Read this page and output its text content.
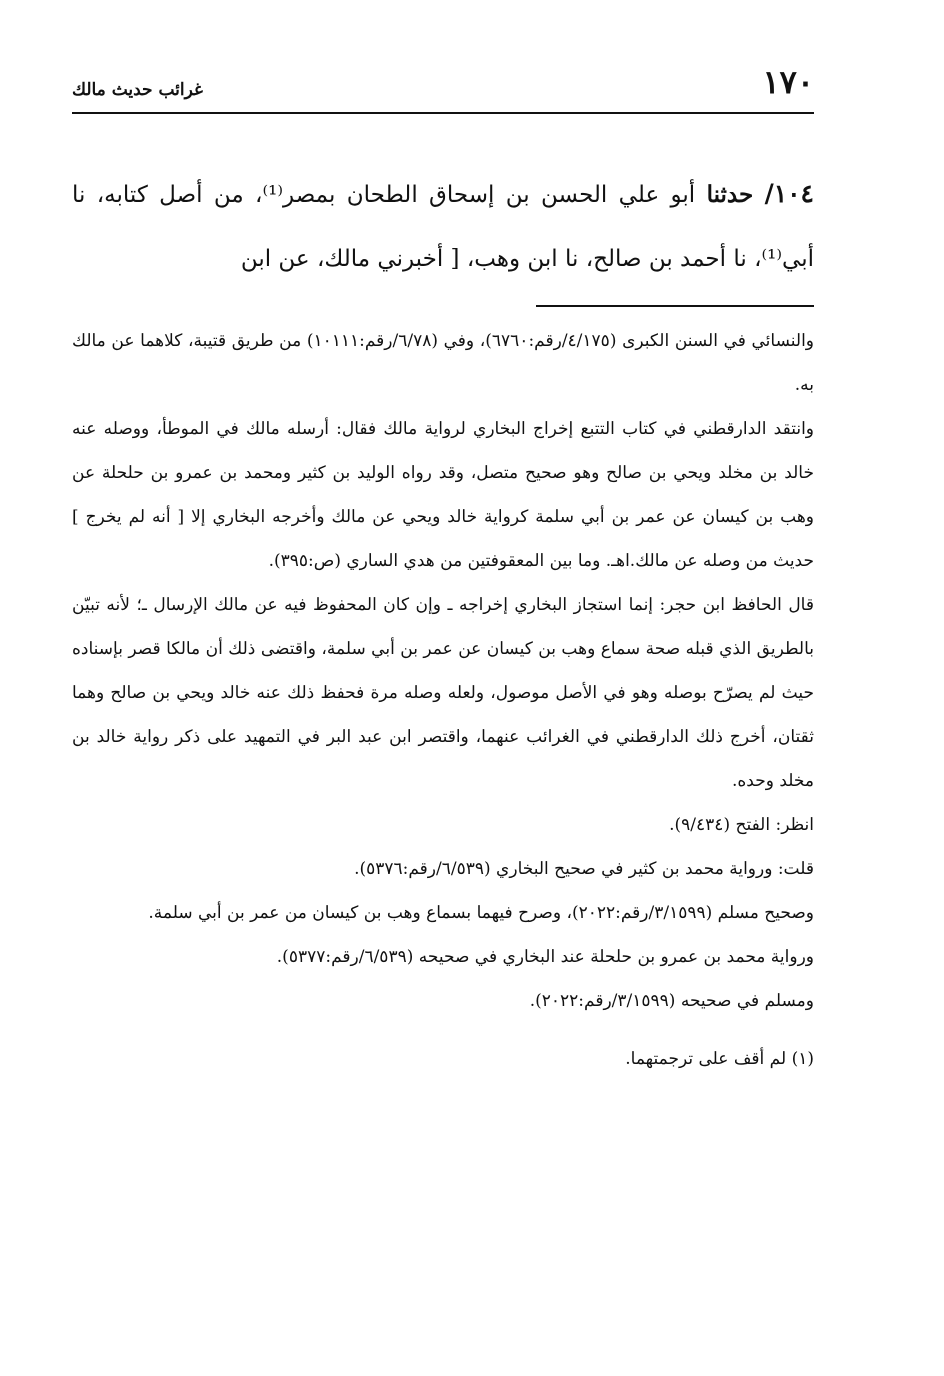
١٧٠
غرائب حديث مالك
١٠٤/ حدثنا أبو علي الحسن بن إسحاق الطحان بمصر⁽¹⁾، من أصل كتابه، نا أبي⁽¹⁾، نا أحمد بن صالح، نا ابن وهب، [ أخبرني مالك، عن ابن

والنسائي في السنن الكبرى (٤/١٧٥/رقم:٦٧٦٠)، وفي (٦/٧٨/رقم:١٠١١١) من طريق قتيبة، كلاهما عن مالك به.

وانتقد الدارقطني في كتاب التتبع إخراج البخاري لرواية مالك فقال: أرسله مالك في الموطأ، ووصله عنه خالد بن مخلد ويحي بن صالح وهو صحيح متصل، وقد رواه الوليد بن كثير ومحمد بن عمرو بن حلحلة عن وهب بن كيسان عن عمر بن أبي سلمة كرواية خالد ويحي عن مالك وأخرجه البخاري إلا [ أنه لم يخرج ] حديث من وصله عن مالك.اهـ. وما بين المعقوفتين من هدي الساري (ص:٣٩٥).

قال الحافظ ابن حجر: إنما استجاز البخاري إخراجه ـ وإن كان المحفوظ فيه عن مالك الإرسال ـ؛ لأنه تبيّن بالطريق الذي قبله صحة سماع وهب بن كيسان عن عمر بن أبي سلمة، واقتضى ذلك أن مالكا قصر بإسناده حيث لم يصرّح بوصله وهو في الأصل موصول، ولعله وصله مرة فحفظ ذلك عنه خالد ويحي بن صالح وهما ثقتان، أخرج ذلك الدارقطني في الغرائب عنهما، واقتصر ابن عبد البر في التمهيد على ذكر رواية خالد بن مخلد وحده.

انظر: الفتح (٩/٤٣٤).

قلت: ورواية محمد بن كثير في صحيح البخاري (٦/٥٣٩/رقم:٥٣٧٦).

وصحيح مسلم (٣/١٥٩٩/رقم:٢٠٢٢)، وصرح فيهما بسماع وهب بن كيسان من عمر بن أبي سلمة.

ورواية محمد بن عمرو بن حلحلة عند البخاري في صحيحه (٦/٥٣٩/رقم:٥٣٧٧).

ومسلم في صحيحه (٣/١٥٩٩/رقم:٢٠٢٢).

(١) لم أقف على ترجمتهما.
